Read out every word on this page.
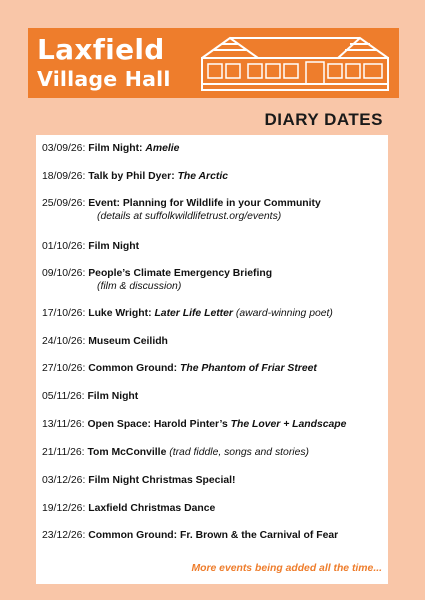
Laxfield
Village Hall
DIARY DATES
03/09/26: Film Night: Amelie
18/09/26: Talk by Phil Dyer: The Arctic
25/09/26: Event: Planning for Wildlife in your Community
(details at suffolkwildlifetrust.org/events)
01/10/26: Film Night
09/10/26: People’s Climate Emergency Briefing
(film & discussion)
17/10/26: Luke Wright: Later Life Letter (award-winning poet)
24/10/26: Museum Ceilidh
27/10/26: Common Ground: The Phantom of Friar Street
05/11/26: Film Night
13/11/26: Open Space: Harold Pinter’s The Lover + Landscape
21/11/26: Tom McConville (trad fiddle, songs and stories)
03/12/26: Film Night Christmas Special!
19/12/26: Laxfield Christmas Dance
23/12/26: Common Ground: Fr. Brown & the Carnival of Fear
More events being added all the time...
